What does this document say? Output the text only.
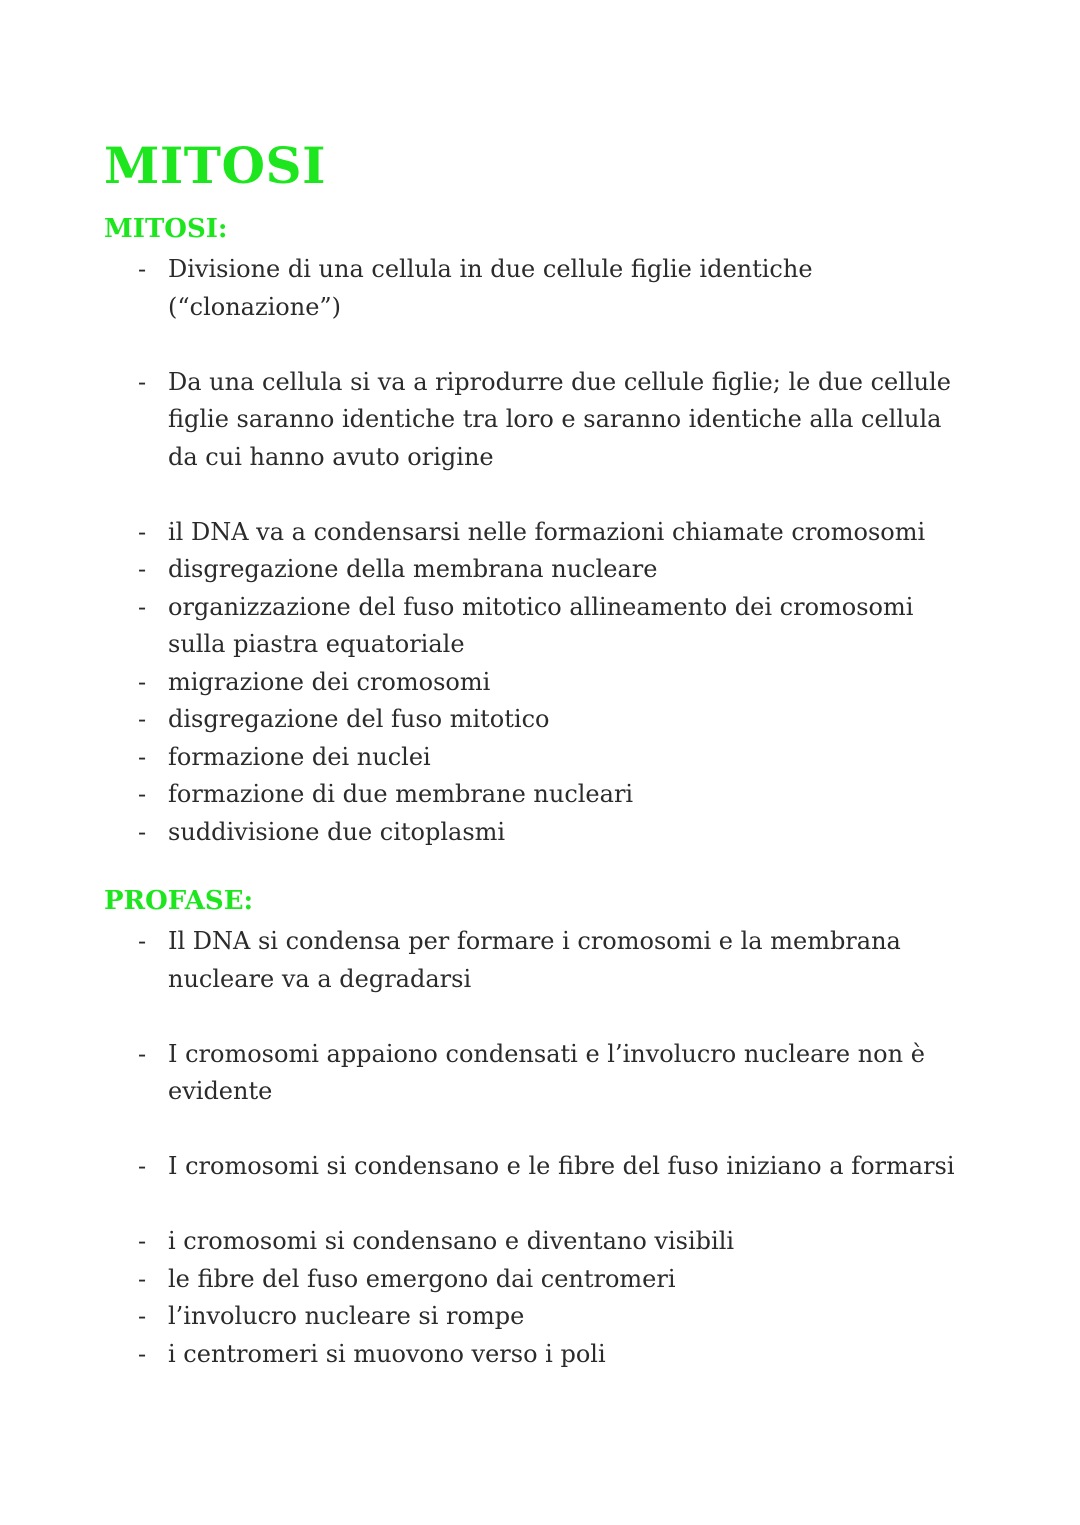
MITOSI
MITOSI:
- Divisione di una cellula in due cellule figlie identiche (“clonazione”)
- Da una cellula si va a riprodurre due cellule figlie; le due cellule figlie saranno identiche tra loro e saranno identiche alla cellula da cui hanno avuto origine
- il DNA va a condensarsi nelle formazioni chiamate cromosomi
- disgregazione della membrana nucleare
- organizzazione del fuso mitotico allineamento dei cromosomi sulla piastra equatoriale
- migrazione dei cromosomi
- disgregazione del fuso mitotico
- formazione dei nuclei
- formazione di due membrane nucleari
- suddivisione due citoplasmi
PROFASE:
- Il DNA si condensa per formare i cromosomi e la membrana nucleare va a degradarsi
- I cromosomi appaiono condensati e l’involucro nucleare non è evidente
- I cromosomi si condensano e le fibre del fuso iniziano a formarsi
- i cromosomi si condensano e diventano visibili
- le fibre del fuso emergono dai centromeri
- l’involucro nucleare si rompe
- i centromeri si muovono verso i poli
